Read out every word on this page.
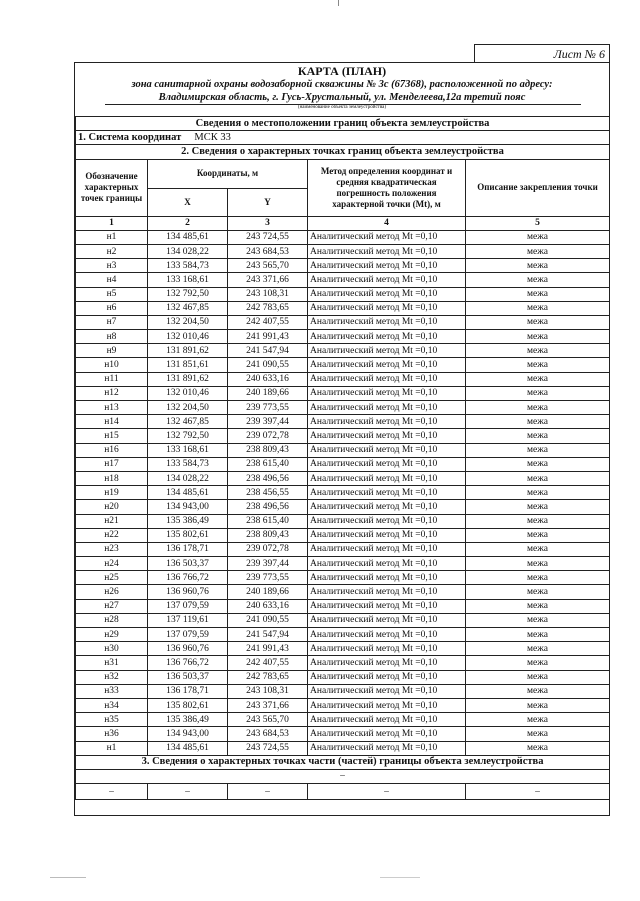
Лист № 6
КАРТА (ПЛАН)
зона санитарной охраны водозаборной скважины № 3с (67368), расположенной по адресу:
Владимирская область, г. Гусь-Хрустальный, ул. Менделеева,12а третий пояс
(наименование объекта землеустройства)
Сведения о местоположении границ объекта землеустройства				
1. Система координат МСК 33				
2. Сведения о характерных точках границ объекта землеустройства				
Обозначение характерных точек границы	Координаты, м		Метод определения координат и средняя квадратическая погрешность положения характерной точки (Mt), м	Описание закрепления точки
	X	Y		
1	2	3	4	5
н1	134 485,61	243 724,55	Аналитический метод Mt =0,10	межа
н2	134 028,22	243 684,53	Аналитический метод Mt =0,10	межа
н3	133 584,73	243 565,70	Аналитический метод Mt =0,10	межа
н4	133 168,61	243 371,66	Аналитический метод Mt =0,10	межа
н5	132 792,50	243 108,31	Аналитический метод Mt =0,10	межа
н6	132 467,85	242 783,65	Аналитический метод Mt =0,10	межа
н7	132 204,50	242 407,55	Аналитический метод Mt =0,10	межа
н8	132 010,46	241 991,43	Аналитический метод Mt =0,10	межа
н9	131 891,62	241 547,94	Аналитический метод Mt =0,10	межа
н10	131 851,61	241 090,55	Аналитический метод Mt =0,10	межа
н11	131 891,62	240 633,16	Аналитический метод Mt =0,10	межа
н12	132 010,46	240 189,66	Аналитический метод Mt =0,10	межа
н13	132 204,50	239 773,55	Аналитический метод Mt =0,10	межа
н14	132 467,85	239 397,44	Аналитический метод Mt =0,10	межа
н15	132 792,50	239 072,78	Аналитический метод Mt =0,10	межа
н16	133 168,61	238 809,43	Аналитический метод Mt =0,10	межа
н17	133 584,73	238 615,40	Аналитический метод Mt =0,10	межа
н18	134 028,22	238 496,56	Аналитический метод Mt =0,10	межа
н19	134 485,61	238 456,55	Аналитический метод Mt =0,10	межа
н20	134 943,00	238 496,56	Аналитический метод Mt =0,10	межа
н21	135 386,49	238 615,40	Аналитический метод Mt =0,10	межа
н22	135 802,61	238 809,43	Аналитический метод Mt =0,10	межа
н23	136 178,71	239 072,78	Аналитический метод Mt =0,10	межа
н24	136 503,37	239 397,44	Аналитический метод Mt =0,10	межа
н25	136 766,72	239 773,55	Аналитический метод Mt =0,10	межа
н26	136 960,76	240 189,66	Аналитический метод Mt =0,10	межа
н27	137 079,59	240 633,16	Аналитический метод Mt =0,10	межа
н28	137 119,61	241 090,55	Аналитический метод Mt =0,10	межа
н29	137 079,59	241 547,94	Аналитический метод Mt =0,10	межа
н30	136 960,76	241 991,43	Аналитический метод Mt =0,10	межа
н31	136 766,72	242 407,55	Аналитический метод Mt =0,10	межа
н32	136 503,37	242 783,65	Аналитический метод Mt =0,10	межа
н33	136 178,71	243 108,31	Аналитический метод Mt =0,10	межа
н34	135 802,61	243 371,66	Аналитический метод Mt =0,10	межа
н35	135 386,49	243 565,70	Аналитический метод Mt =0,10	межа
н36	134 943,00	243 684,53	Аналитический метод Mt =0,10	межа
н1	134 485,61	243 724,55	Аналитический метод Mt =0,10	межа
3. Сведения о характерных точках части (частей) границы объекта землеустройства				
–				
–	–	–	–	–
